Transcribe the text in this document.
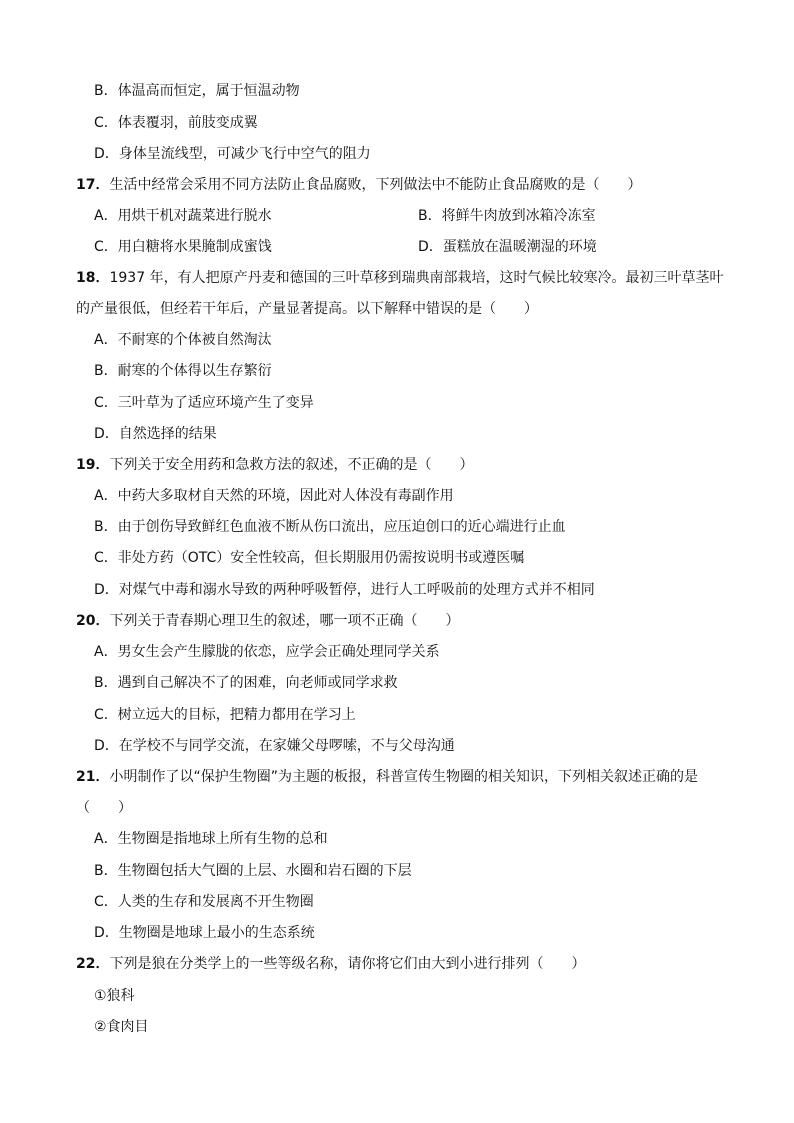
B．体温高而恒定，属于恒温动物
C．体表覆羽，前肢变成翼
D．身体呈流线型，可减少飞行中空气的阻力
17．生活中经常会采用不同方法防止食品腐败，下列做法中不能防止食品腐败的是（　　）
A．用烘干机对蔬菜进行脱水	B．将鲜牛肉放到冰箱冷冻室
C．用白糖将水果腌制成蜜饯	D．蛋糕放在温暖潮湿的环境
18．1937 年，有人把原产丹麦和德国的三叶草移到瑞典南部栽培，这时气候比较寒冷。最初三叶草茎叶
的产量很低，但经若干年后，产量显著提高。以下解释中错误的是（　　）
A．不耐寒的个体被自然淘汰
B．耐寒的个体得以生存繁衍
C．三叶草为了适应环境产生了变异
D．自然选择的结果
19．下列关于安全用药和急救方法的叙述，不正确的是（　　）
A．中药大多取材自天然的环境，因此对人体没有毒副作用
B．由于创伤导致鲜红色血液不断从伤口流出，应压迫创口的近心端进行止血
C．非处方药（OTC）安全性较高，但长期服用仍需按说明书或遵医嘱
D．对煤气中毒和溺水导致的两种呼吸暂停，进行人工呼吸前的处理方式并不相同
20．下列关于青春期心理卫生的叙述，哪一项不正确（　　）
A．男女生会产生朦胧的依恋，应学会正确处理同学关系
B．遇到自己解决不了的困难，向老师或同学求救
C．树立远大的目标，把精力都用在学习上
D．在学校不与同学交流，在家嫌父母啰嗦，不与父母沟通
21．小明制作了以“保护生物圈”为主题的板报，科普宣传生物圈的相关知识，下列相关叙述正确的是
（　　）
A．生物圈是指地球上所有生物的总和
B．生物圈包括大气圈的上层、水圈和岩石圈的下层
C．人类的生存和发展离不开生物圈
D．生物圈是地球上最小的生态系统
22．下列是狼在分类学上的一些等级名称，请你将它们由大到小进行排列（　　）
①狼科
②食肉目
